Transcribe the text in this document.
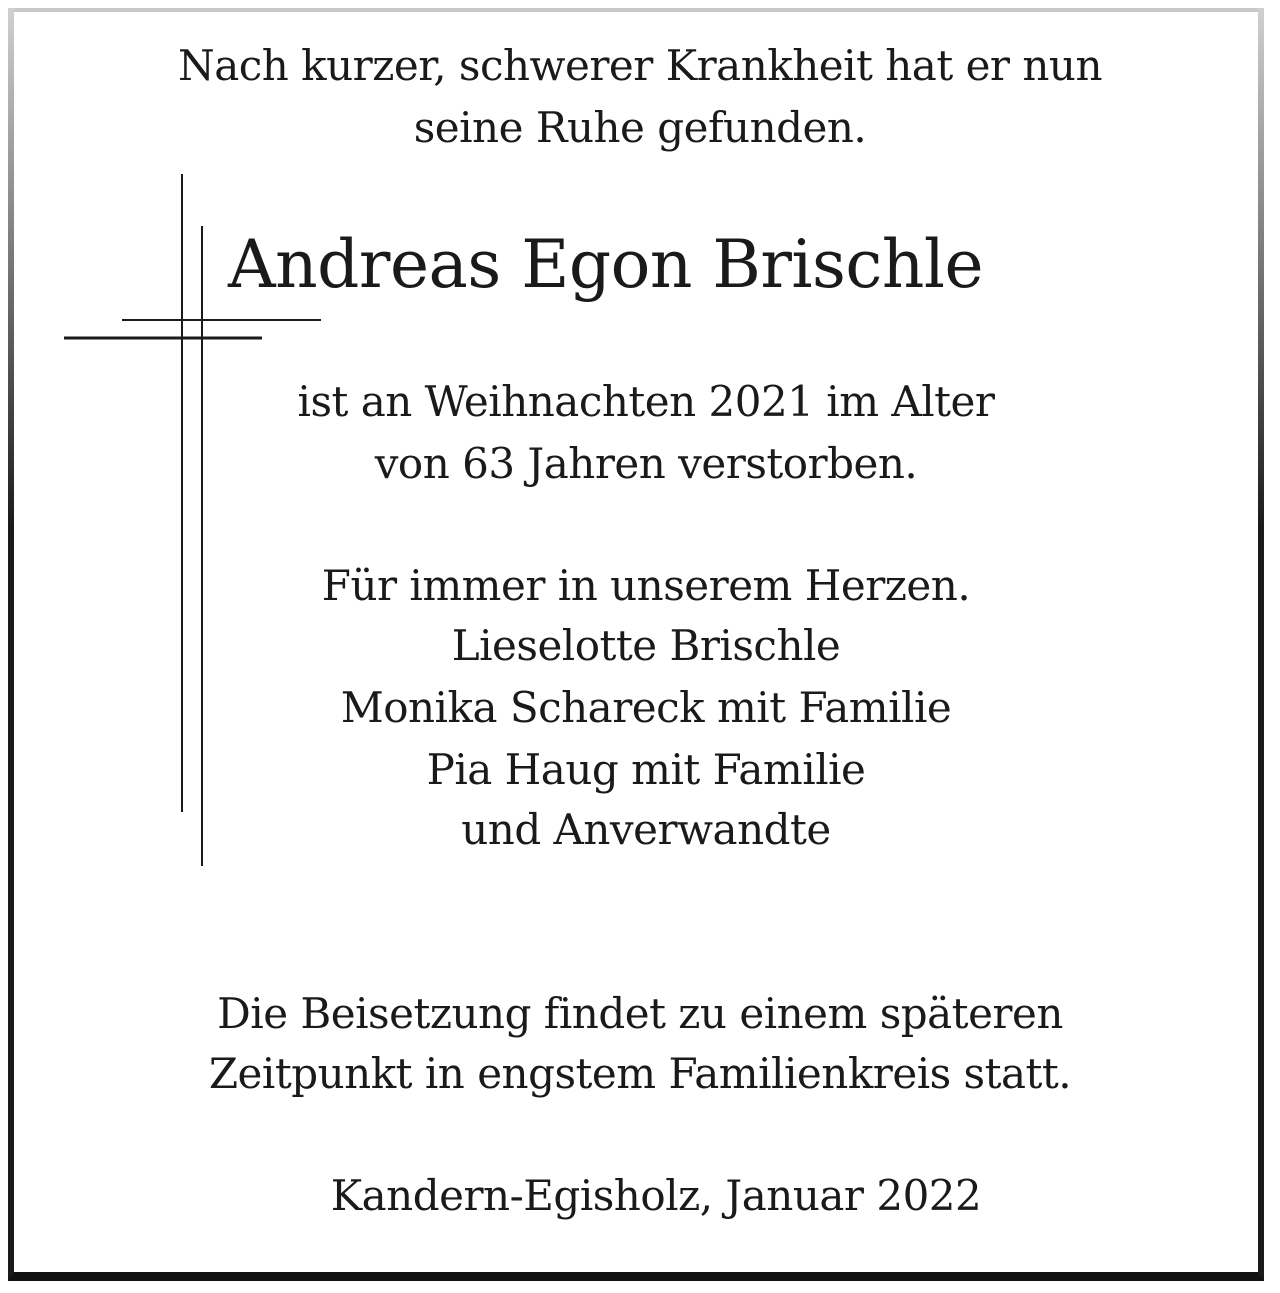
Nach kurzer, schwerer Krankheit hat er nun
seine Ruhe gefunden.
Andreas Egon Brischle
ist an Weihnachten 2021 im Alter
von 63 Jahren verstorben.
Für immer in unserem Herzen.
Lieselotte Brischle
Monika Schareck mit Familie
Pia Haug mit Familie
und Anverwandte
Die Beisetzung findet zu einem späteren
Zeitpunkt in engstem Familienkreis statt.
Kandern-Egisholz, Januar 2022
